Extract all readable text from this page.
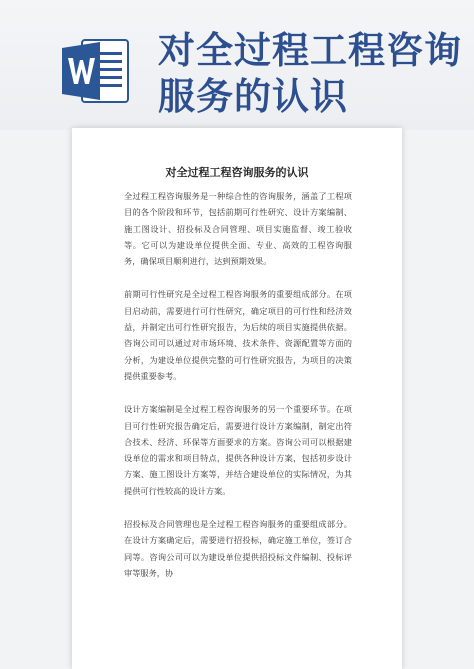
对全过程工程咨询服务的认识
对全过程工程咨询服务的认识

全过程工程咨询服务是一种综合性的咨询服务，涵盖了工程项目的各个阶段和环节，包括前期可行性研究、设计方案编制、施工图设计、招投标及合同管理、项目实施监督、竣工验收等。它可以为建设单位提供全面、专业、高效的工程咨询服务，确保项目顺利进行，达到预期效果。

前期可行性研究是全过程工程咨询服务的重要组成部分。在项目启动前，需要进行可行性研究，确定项目的可行性和经济效益，并制定出可行性研究报告，为后续的项目实施提供依据。咨询公司可以通过对市场环境、技术条件、资源配置等方面的分析，为建设单位提供完整的可行性研究报告，为项目的决策提供重要参考。

设计方案编制是全过程工程咨询服务的另一个重要环节。在项目可行性研究报告确定后，需要进行设计方案编制，制定出符合技术、经济、环保等方面要求的方案。咨询公司可以根据建设单位的需求和项目特点，提供各种设计方案，包括初步设计方案、施工图设计方案等，并结合建设单位的实际情况，为其提供可行性较高的设计方案。

招投标及合同管理也是全过程工程咨询服务的重要组成部分。在设计方案确定后，需要进行招投标，确定施工单位，签订合同等。咨询公司可以为建设单位提供招投标文件编制、投标评审等服务，协
